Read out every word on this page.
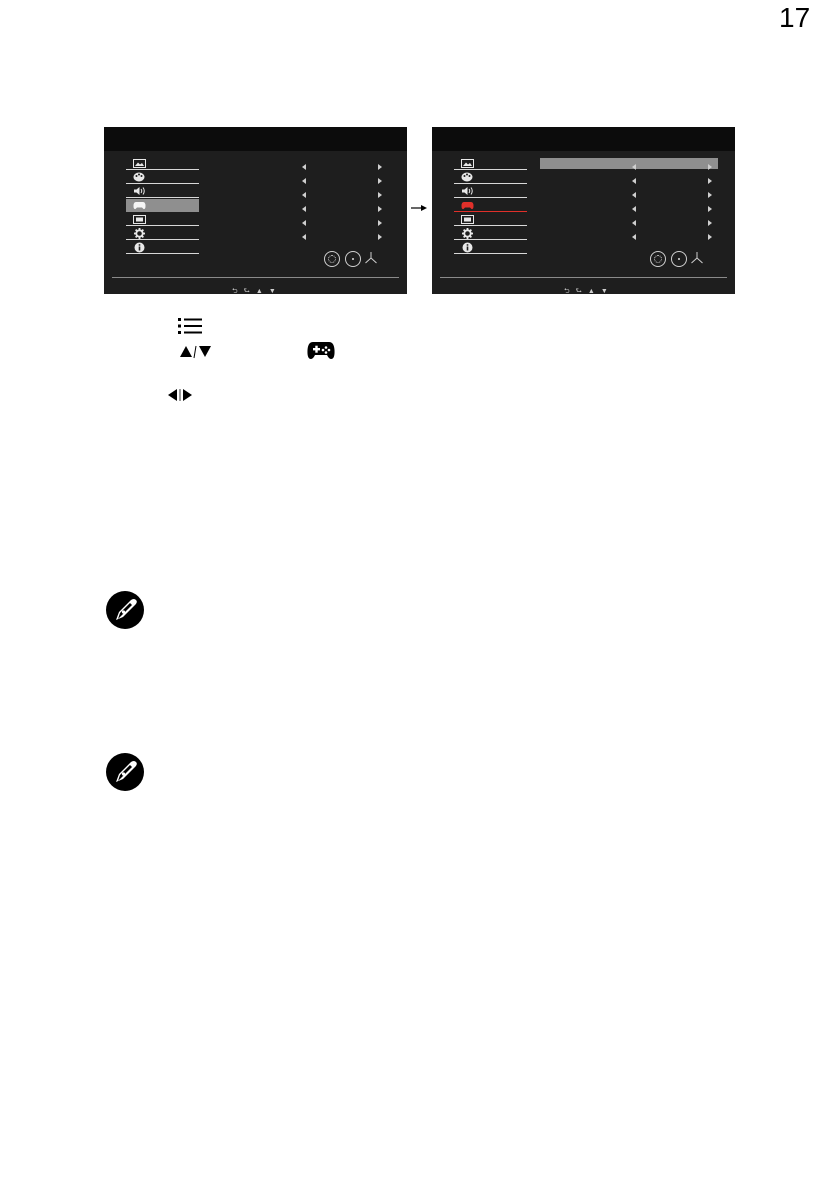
17
⮌ ⮑ ▲ ▼	⮌ ⮑ ▲ ▼
